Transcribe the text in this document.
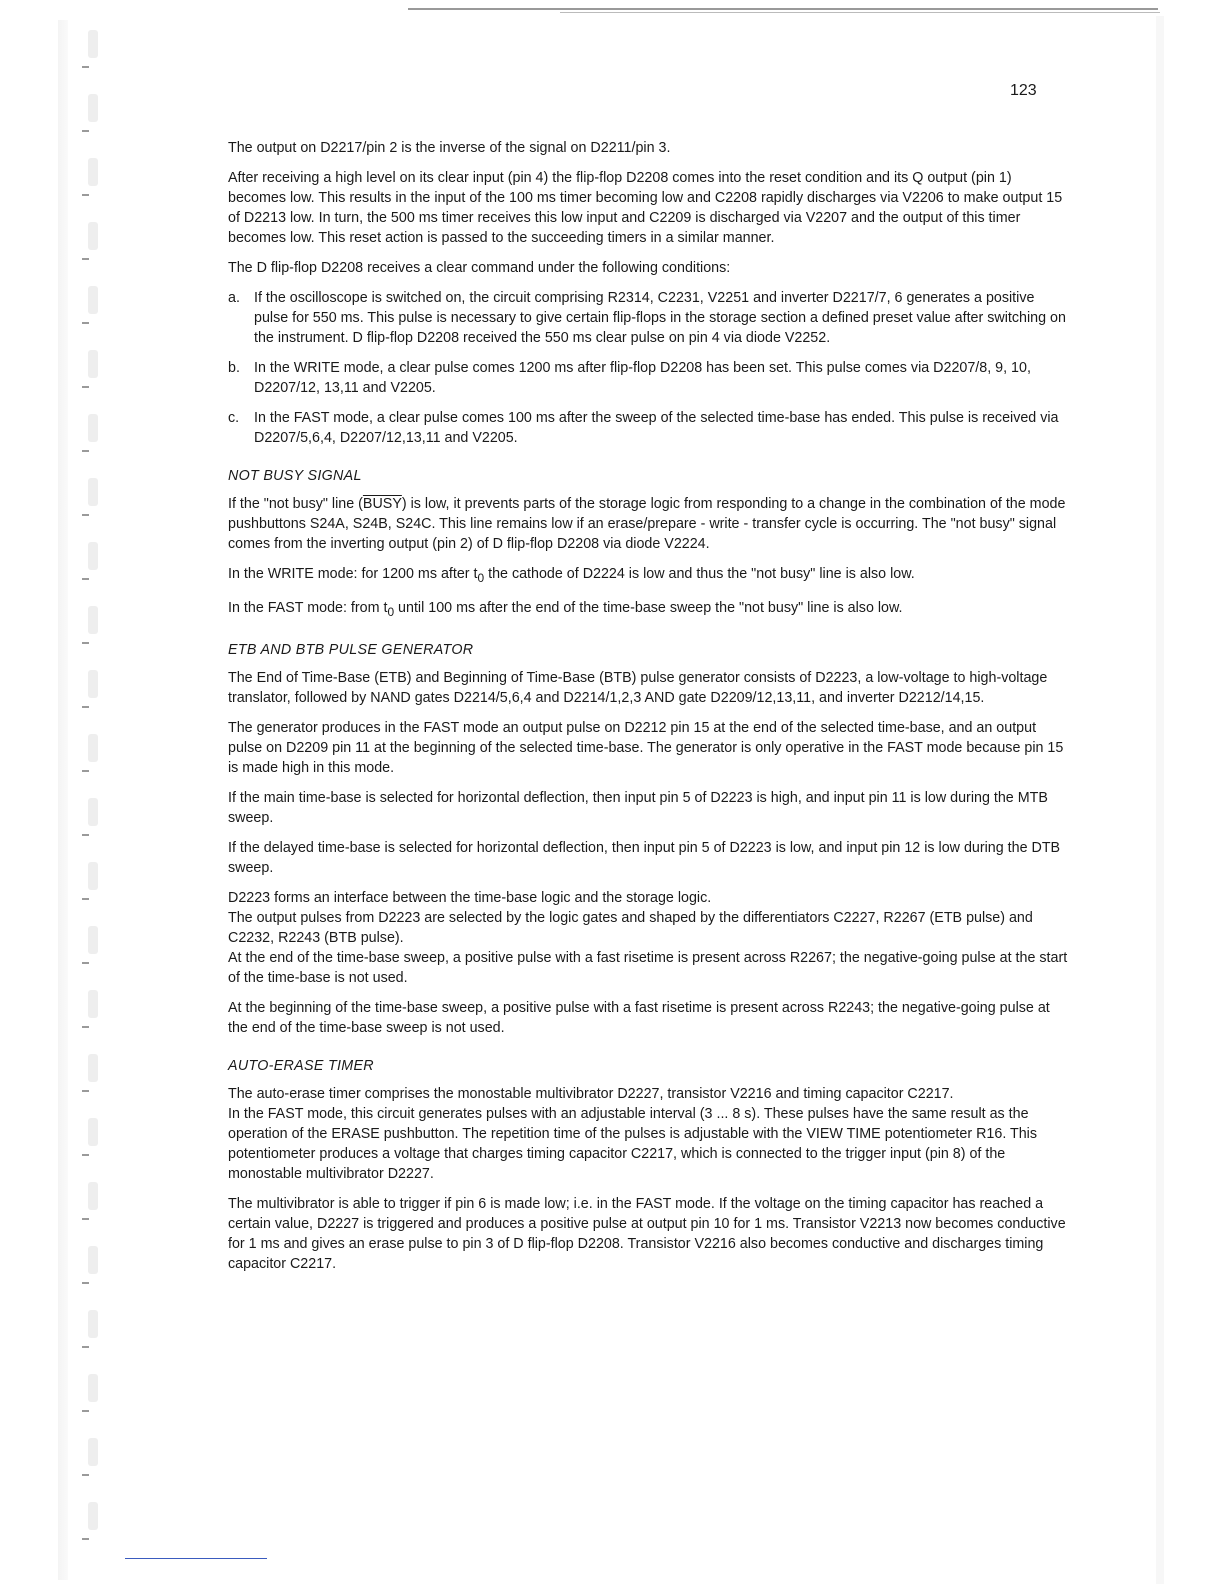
123

The output on D2217/pin 2 is the inverse of the signal on D2211/pin 3.

After receiving a high level on its clear input (pin 4) the flip-flop D2208 comes into the reset condition and its Q output (pin 1) becomes low. This results in the input of the 100 ms timer becoming low and C2208 rapidly discharges via V2206 to make output 15 of D2213 low. In turn, the 500 ms timer receives this low input and C2209 is discharged via V2207 and the output of this timer becomes low. This reset action is passed to the succeeding timers in a similar manner.

The D flip-flop D2208 receives a clear command under the following conditions:

a. If the oscilloscope is switched on, the circuit comprising R2314, C2231, V2251 and inverter D2217/7, 6 generates a positive pulse for 550 ms. This pulse is necessary to give certain flip-flops in the storage section a defined preset value after switching on the instrument. D flip-flop D2208 received the 550 ms clear pulse on pin 4 via diode V2252.
b. In the WRITE mode, a clear pulse comes 1200 ms after flip-flop D2208 has been set. This pulse comes via D2207/8, 9, 10, D2207/12, 13,11 and V2205.
c. In the FAST mode, a clear pulse comes 100 ms after the sweep of the selected time-base has ended. This pulse is received via D2207/5,6,4, D2207/12,13,11 and V2205.
NOT BUSY SIGNAL

If the "not busy" line (BUSY) is low, it prevents parts of the storage logic from responding to a change in the combination of the mode pushbuttons S24A, S24B, S24C. This line remains low if an erase/prepare - write - transfer cycle is occurring. The "not busy" signal comes from the inverting output (pin 2) of D flip-flop D2208 via diode V2224.

In the WRITE mode: for 1200 ms after $t_0$ the cathode of D2224 is low and thus the "not busy" line is also low.

In the FAST mode: from $t_0$ until 100 ms after the end of the time-base sweep the "not busy" line is also low.

ETB AND BTB PULSE GENERATOR

The End of Time-Base (ETB) and Beginning of Time-Base (BTB) pulse generator consists of D2223, a low-voltage to high-voltage translator, followed by NAND gates D2214/5,6,4 and D2214/1,2,3 AND gate D2209/12,13,11, and inverter D2212/14,15.

The generator produces in the FAST mode an output pulse on D2212 pin 15 at the end of the selected time-base, and an output pulse on D2209 pin 11 at the beginning of the selected time-base. The generator is only operative in the FAST mode because pin 15 is made high in this mode.

If the main time-base is selected for horizontal deflection, then input pin 5 of D2223 is high, and input pin 11 is low during the MTB sweep.

If the delayed time-base is selected for horizontal deflection, then input pin 5 of D2223 is low, and input pin 12 is low during the DTB sweep.

D2223 forms an interface between the time-base logic and the storage logic.

The output pulses from D2223 are selected by the logic gates and shaped by the differentiators C2227, R2267 (ETB pulse) and C2232, R2243 (BTB pulse).

At the end of the time-base sweep, a positive pulse with a fast risetime is present across R2267; the negative-going pulse at the start of the time-base is not used.

At the beginning of the time-base sweep, a positive pulse with a fast risetime is present across R2243; the negative-going pulse at the end of the time-base sweep is not used.

AUTO-ERASE TIMER

The auto-erase timer comprises the monostable multivibrator D2227, transistor V2216 and timing capacitor C2217.

In the FAST mode, this circuit generates pulses with an adjustable interval (3 ... 8 s). These pulses have the same result as the operation of the ERASE pushbutton. The repetition time of the pulses is adjustable with the VIEW TIME potentiometer R16. This potentiometer produces a voltage that charges timing capacitor C2217, which is connected to the trigger input (pin 8) of the monostable multivibrator D2227.

The multivibrator is able to trigger if pin 6 is made low; i.e. in the FAST mode. If the voltage on the timing capacitor has reached a certain value, D2227 is triggered and produces a positive pulse at output pin 10 for 1 ms. Transistor V2213 now becomes conductive for 1 ms and gives an erase pulse to pin 3 of D flip-flop D2208. Transistor V2216 also becomes conductive and discharges timing capacitor C2217.
